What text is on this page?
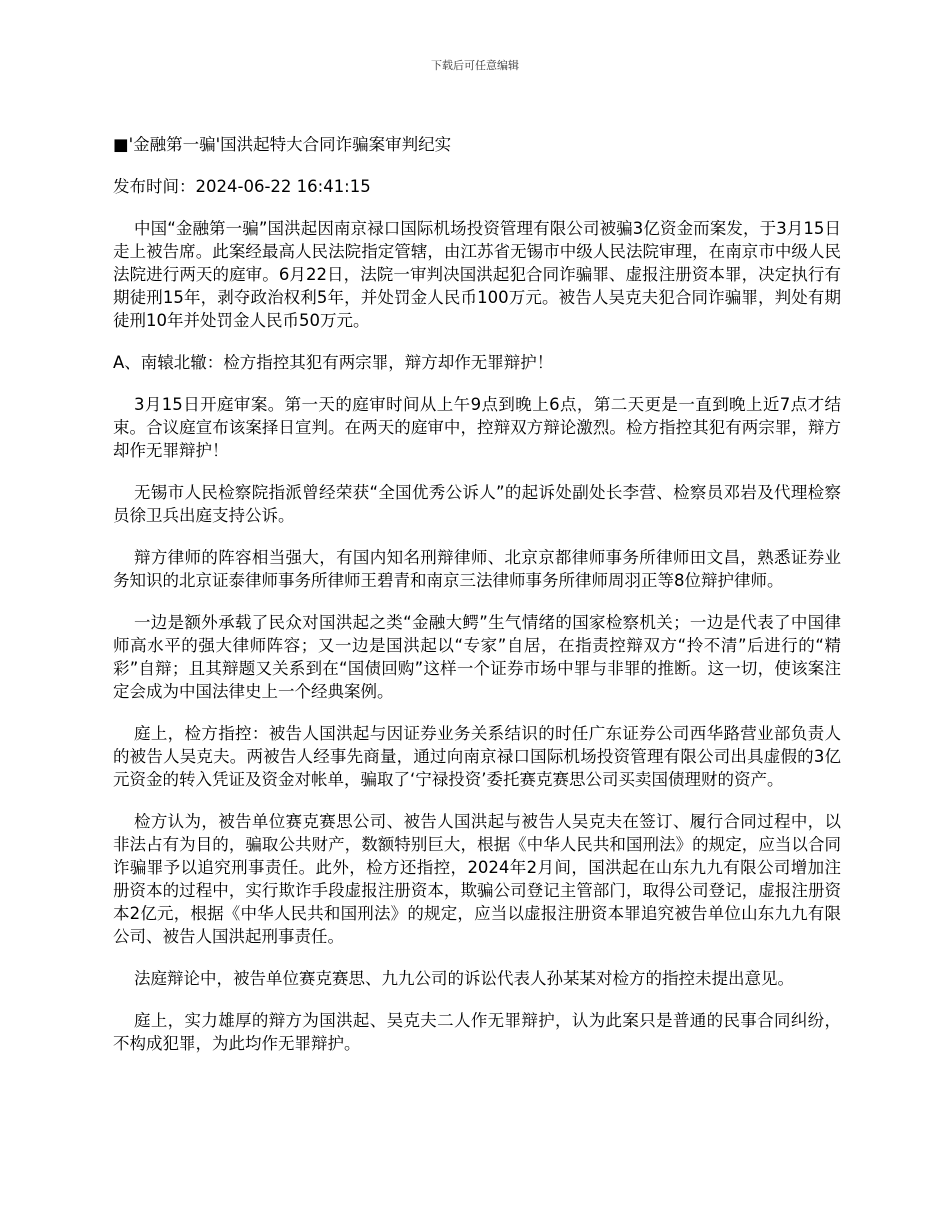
下载后可任意编辑
■'金融第一骗'国洪起特大合同诈骗案审判纪实
发布时间：2024-06-22 16:41:15

中国“金融第一骗”国洪起因南京禄口国际机场投资管理有限公司被骗3亿资金而案发，于3月15日走上被告席。此案经最高人民法院指定管辖，由江苏省无锡市中级人民法院审理，在南京市中级人民法院进行两天的庭审。6月22日，法院一审判决国洪起犯合同诈骗罪、虚报注册资本罪，决定执行有期徒刑15年，剥夺政治权利5年，并处罚金人民币100万元。被告人吴克夫犯合同诈骗罪，判处有期徒刑10年并处罚金人民币50万元。

A、南辕北辙：检方指控其犯有两宗罪，辩方却作无罪辩护！

3月15日开庭审案。第一天的庭审时间从上午9点到晚上6点，第二天更是一直到晚上近7点才结束。合议庭宣布该案择日宣判。在两天的庭审中，控辩双方辩论激烈。检方指控其犯有两宗罪，辩方却作无罪辩护！

无锡市人民检察院指派曾经荣获“全国优秀公诉人”的起诉处副处长李营、检察员邓岩及代理检察员徐卫兵出庭支持公诉。

辩方律师的阵容相当强大，有国内知名刑辩律师、北京京都律师事务所律师田文昌，熟悉证券业务知识的北京证泰律师事务所律师王碧青和南京三法律师事务所律师周羽正等8位辩护律师。

一边是额外承载了民众对国洪起之类“金融大鳄”生气情绪的国家检察机关；一边是代表了中国律师高水平的强大律师阵容；又一边是国洪起以“专家”自居，在指责控辩双方“拎不清”后进行的“精彩”自辩；且其辩题又关系到在“国债回购”这样一个证券市场中罪与非罪的推断。这一切，使该案注定会成为中国法律史上一个经典案例。

庭上，检方指控：被告人国洪起与因证券业务关系结识的时任广东证券公司西华路营业部负责人的被告人吴克夫。两被告人经事先商量，通过向南京禄口国际机场投资管理有限公司出具虚假的3亿元资金的转入凭证及资金对帐单，骗取了‘宁禄投资’委托赛克赛思公司买卖国债理财的资产。

检方认为，被告单位赛克赛思公司、被告人国洪起与被告人吴克夫在签订、履行合同过程中，以非法占有为目的，骗取公共财产，数额特别巨大，根据《中华人民共和国刑法》的规定，应当以合同诈骗罪予以追究刑事责任。此外，检方还指控，2024年2月间，国洪起在山东九九有限公司增加注册资本的过程中，实行欺诈手段虚报注册资本，欺骗公司登记主管部门，取得公司登记，虚报注册资本2亿元，根据《中华人民共和国刑法》的规定，应当以虚报注册资本罪追究被告单位山东九九有限公司、被告人国洪起刑事责任。

法庭辩论中，被告单位赛克赛思、九九公司的诉讼代表人孙某某对检方的指控未提出意见。

庭上，实力雄厚的辩方为国洪起、吴克夫二人作无罪辩护，认为此案只是普通的民事合同纠纷，不构成犯罪，为此均作无罪辩护。
